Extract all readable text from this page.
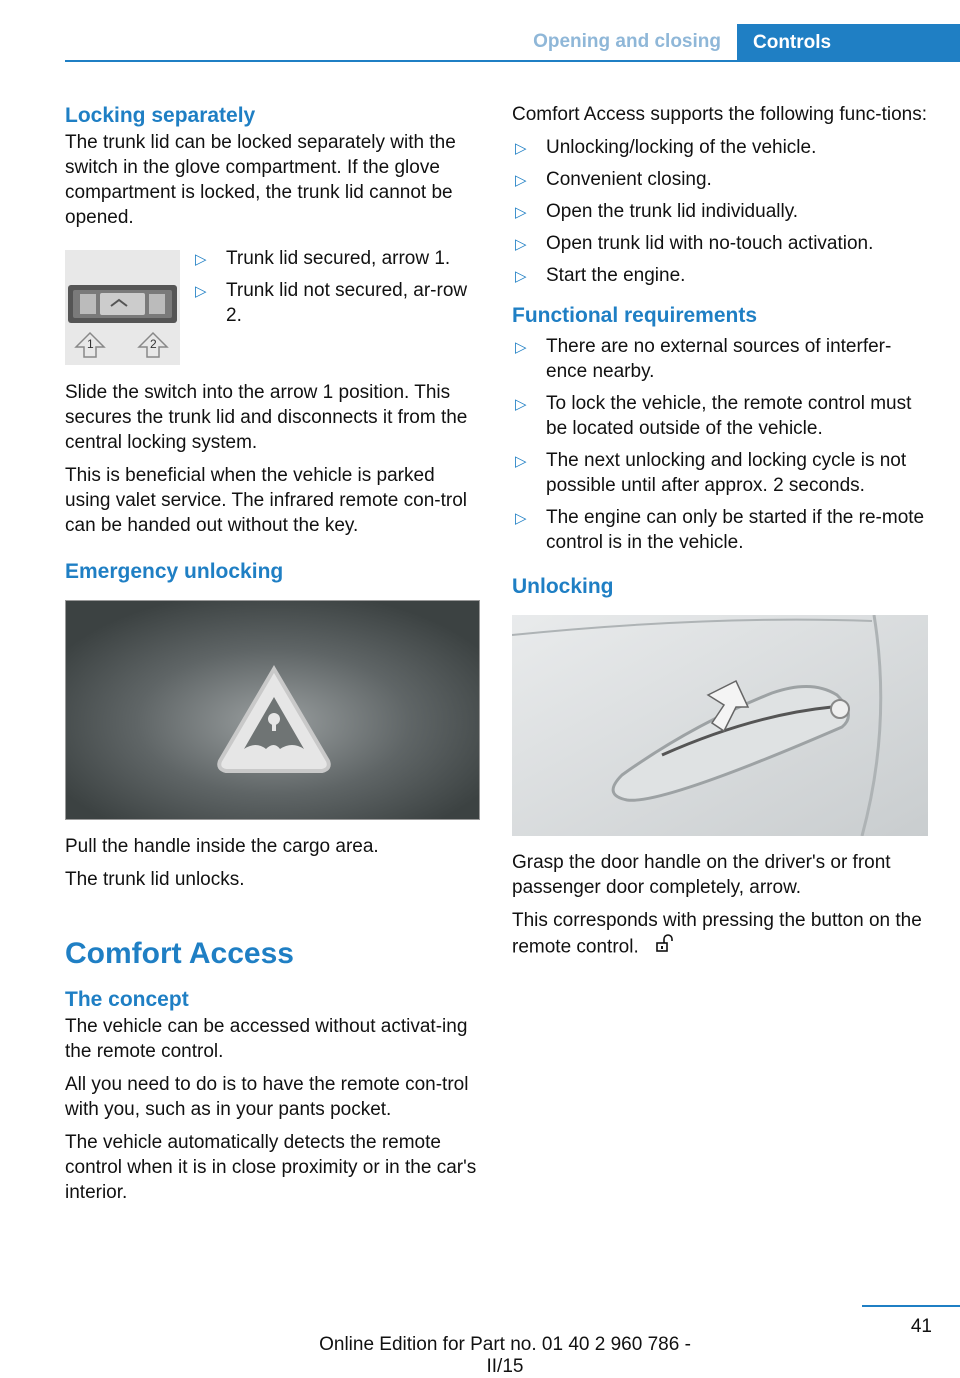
Opening and closing	Controls
Locking separately

The trunk lid can be locked separately with the switch in the glove compartment. If the glove compartment is locked, the trunk lid cannot be opened.

1	2
▷ Trunk lid secured, arrow 1.
▷ Trunk lid not secured, ar‐row 2.

Slide the switch into the arrow 1 position. This secures the trunk lid and disconnects it from the central locking system.

This is beneficial when the vehicle is parked using valet service. The infrared remote con‐trol can be handed out without the key.

Emergency unlocking

Pull the handle inside the cargo area.

The trunk lid unlocks.

Comfort Access
The concept

The vehicle can be accessed without activat‐ing the remote control.

All you need to do is to have the remote con‐trol with you, such as in your pants pocket.

The vehicle automatically detects the remote control when it is in close proximity or in the car's interior.

Comfort Access supports the following func‐tions:

▷ Unlocking/locking of the vehicle.
▷ Convenient closing.
▷ Open the trunk lid individually.
▷ Open trunk lid with no-touch activation.
▷ Start the engine.
Functional requirements
▷ There are no external sources of interfer‐ence nearby.
▷ To lock the vehicle, the remote control must be located outside of the vehicle.
▷ The next unlocking and locking cycle is not possible until after approx. 2 seconds.
▷ The engine can only be started if the re‐mote control is in the vehicle.
Unlocking

Grasp the door handle on the driver's or front passenger door completely, arrow.

This corresponds with pressing the button on the remote control.

41
Online Edition for Part no. 01 40 2 960 786 - II/15
